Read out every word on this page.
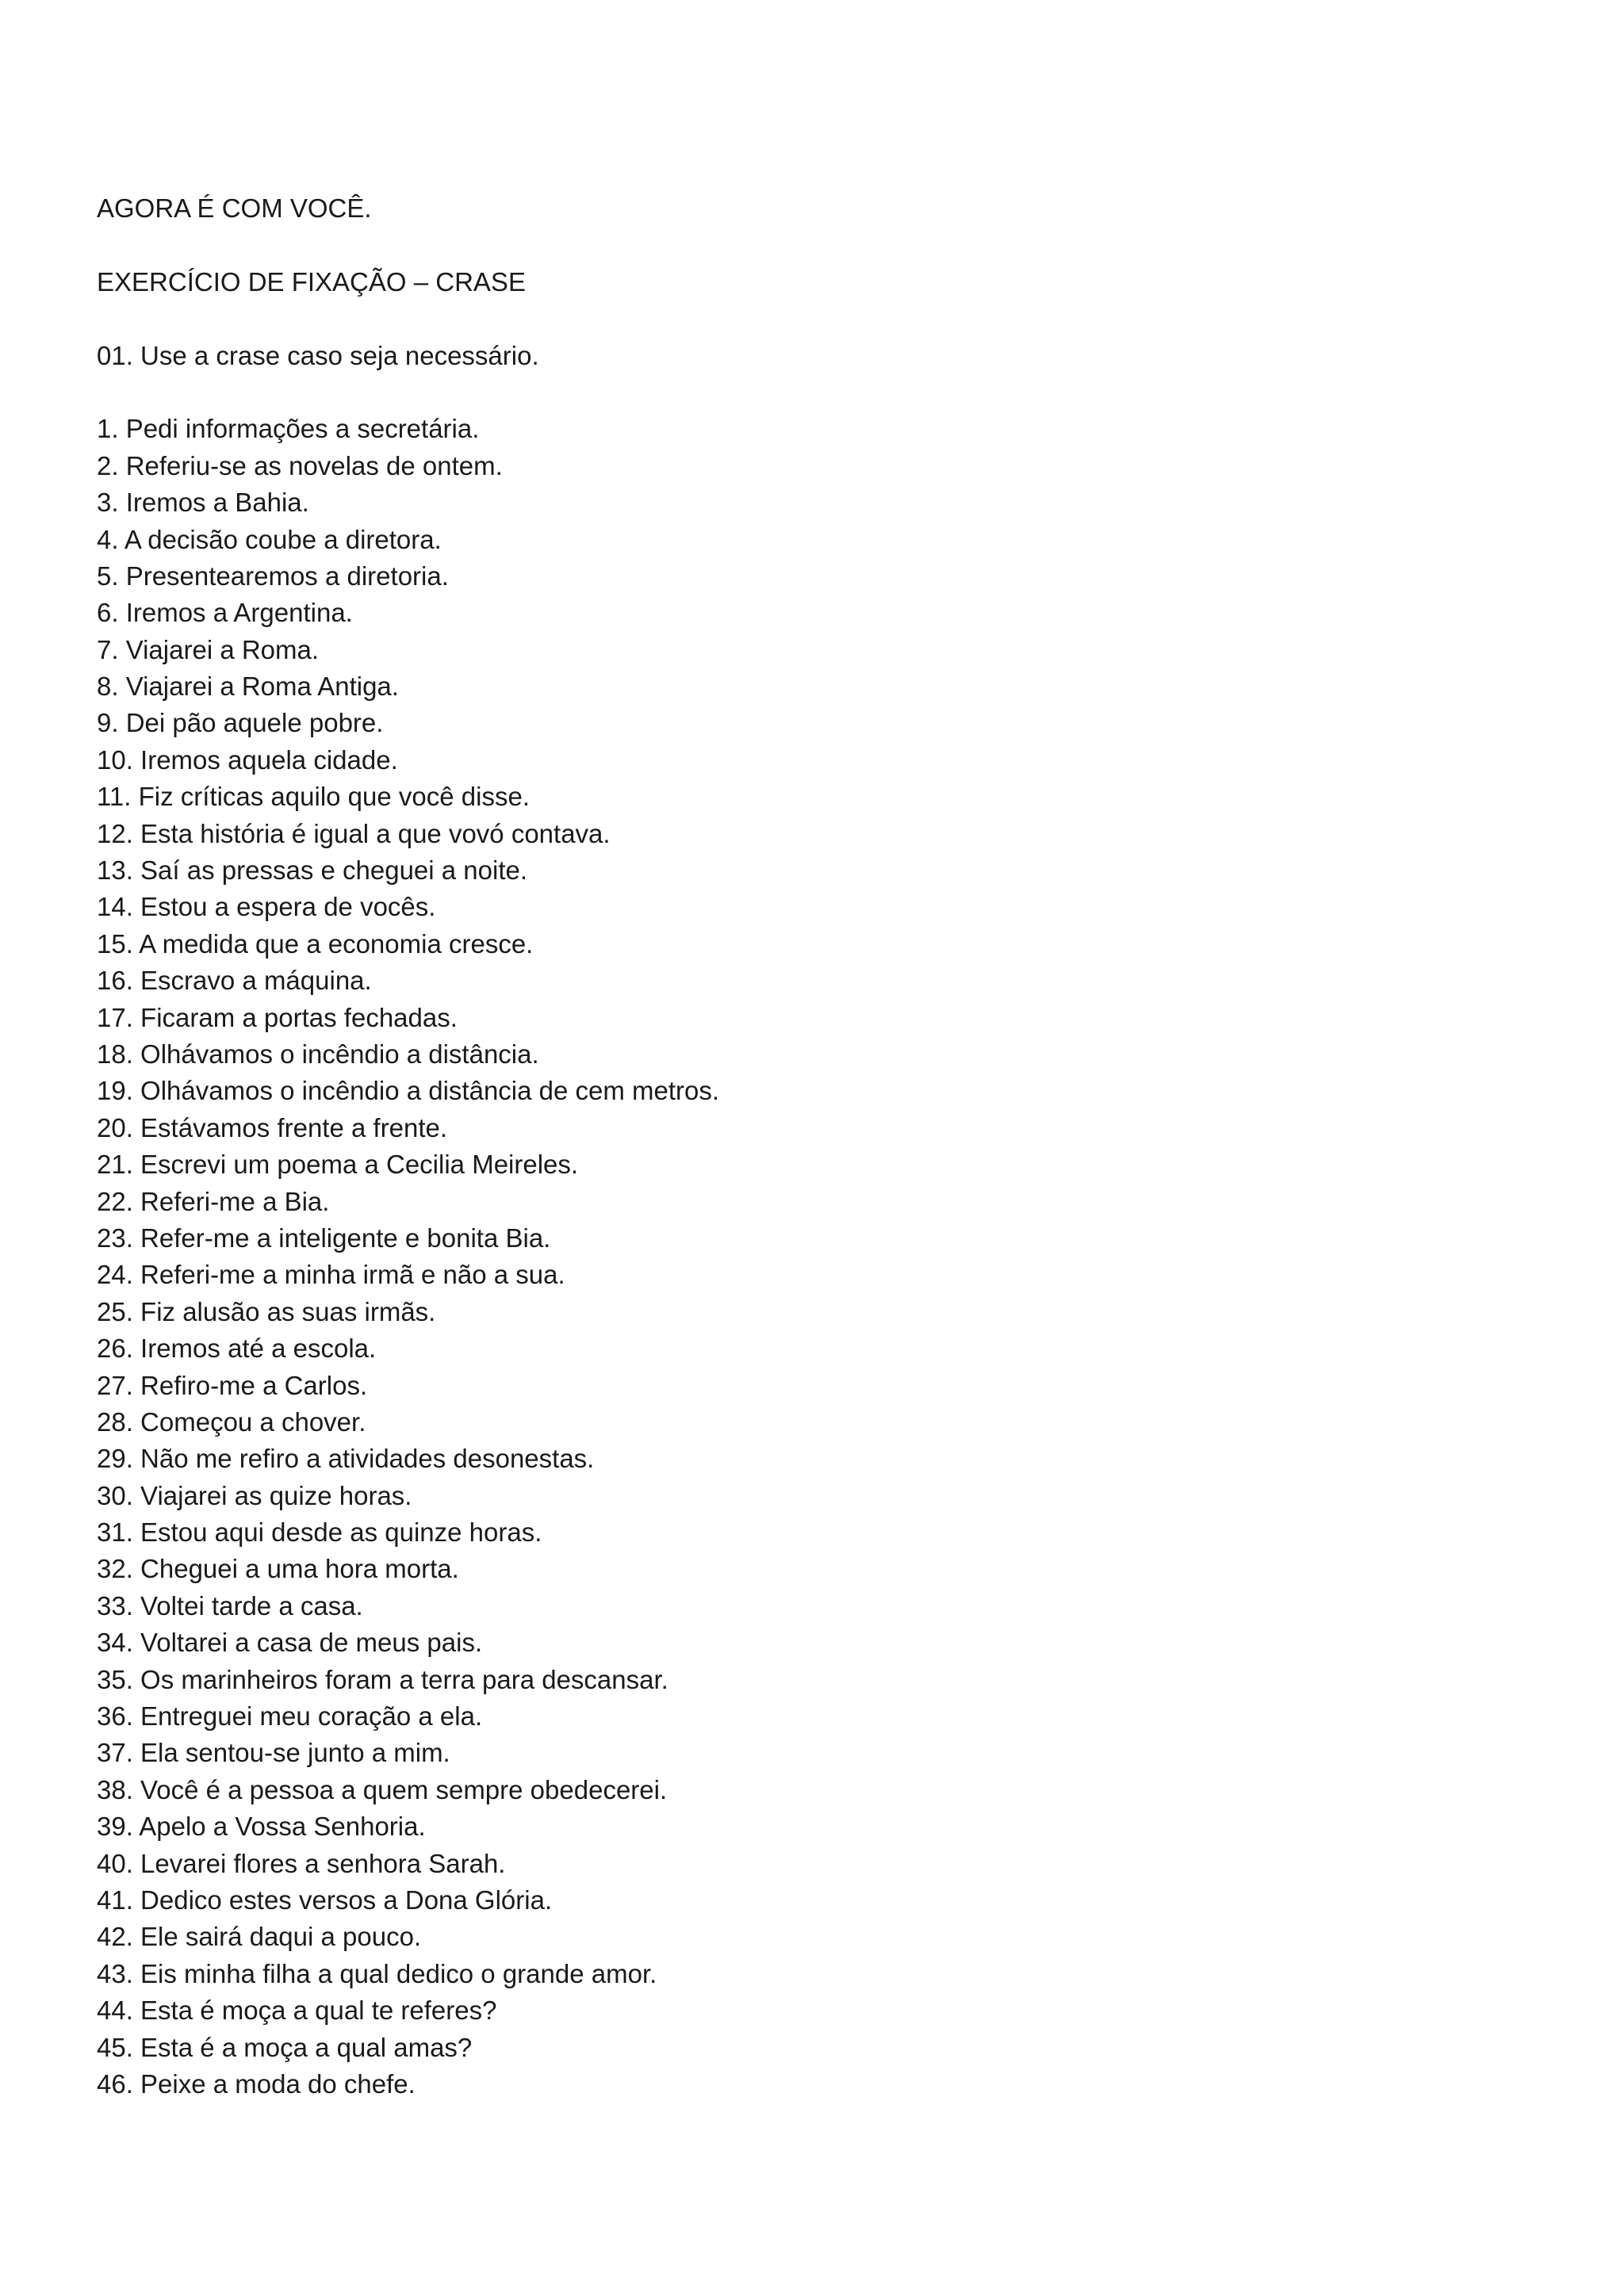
AGORA É COM VOCÊ.
EXERCÍCIO DE FIXAÇÃO – CRASE
01. Use a crase caso seja necessário.
1. Pedi informações a secretária.
2. Referiu-se as novelas de ontem.
3. Iremos a Bahia.
4. A decisão coube a diretora.
5. Presentearemos a diretoria.
6. Iremos a Argentina.
7. Viajarei a Roma.
8. Viajarei a Roma Antiga.
9. Dei pão aquele pobre.
10. Iremos aquela cidade.
11. Fiz críticas aquilo que você disse.
12. Esta história é igual a que vovó contava.
13. Saí as pressas e cheguei a noite.
14. Estou a espera de vocês.
15. A medida que a economia cresce.
16. Escravo a máquina.
17. Ficaram a portas fechadas.
18. Olhávamos o incêndio a distância.
19. Olhávamos o incêndio a distância de cem metros.
20. Estávamos frente a frente.
21. Escrevi um poema a Cecilia Meireles.
22. Referi-me a Bia.
23. Refer-me a inteligente e bonita Bia.
24. Referi-me a minha irmã e não a sua.
25. Fiz alusão as suas irmãs.
26. Iremos até a escola.
27. Refiro-me a Carlos.
28. Começou a chover.
29. Não me refiro a atividades desonestas.
30. Viajarei as quize horas.
31. Estou aqui desde as quinze horas.
32. Cheguei a uma hora morta.
33. Voltei tarde a casa.
34. Voltarei a casa de meus pais.
35. Os marinheiros foram a terra para descansar.
36. Entreguei meu coração a ela.
37. Ela sentou-se junto a mim.
38. Você é a pessoa a quem sempre obedecerei.
39. Apelo a Vossa Senhoria.
40. Levarei flores a senhora Sarah.
41. Dedico estes versos a Dona Glória.
42. Ele sairá daqui a pouco.
43. Eis minha filha a qual dedico o grande amor.
44. Esta é moça a qual te referes?
45. Esta é a moça a qual amas?
46. Peixe a moda do chefe.
